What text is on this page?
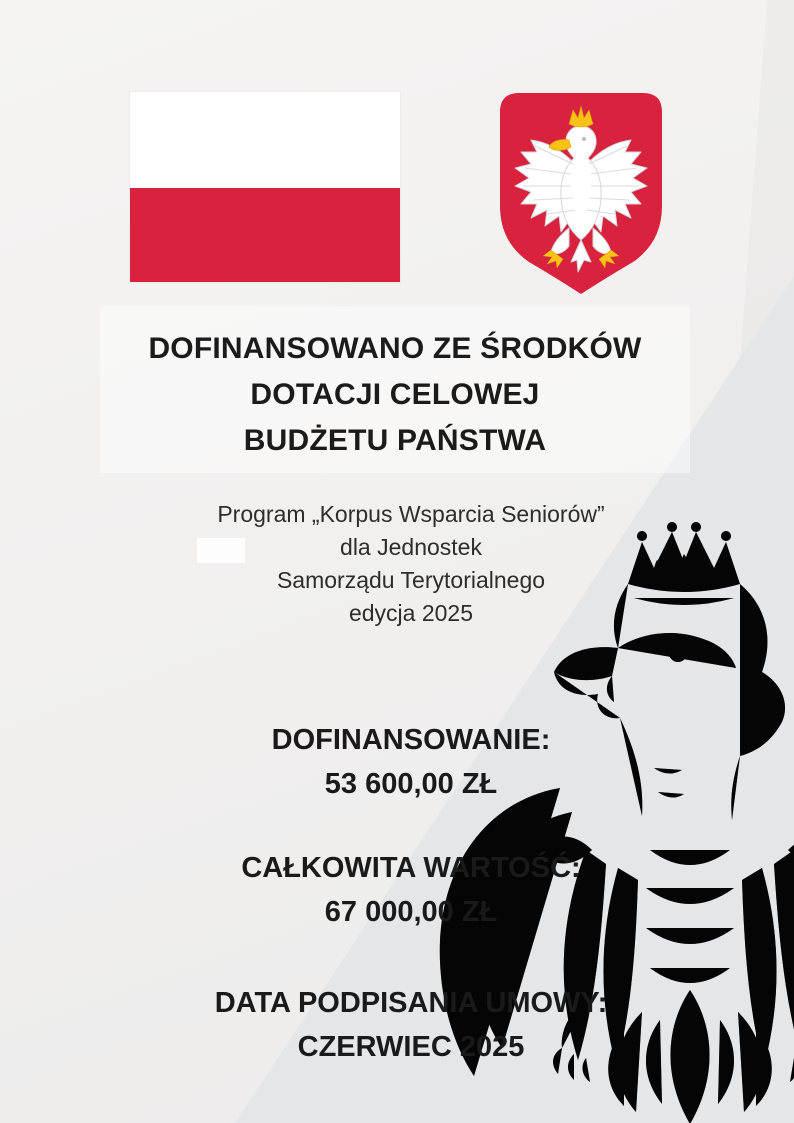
DOFINANSOWANO ZE ŚRODKÓW
DOTACJI CELOWEJ
BUDŻETU PAŃSTWA
Program „Korpus Wsparcia Seniorów”
dla Jednostek
Samorządu Terytorialnego
edycja 2025
DOFINANSOWANIE:
53 600,00 ZŁ
CAŁKOWITA WARTOŚĆ:
67 000,00 ZŁ
DATA PODPISANIA UMOWY:
CZERWIEC 2025
